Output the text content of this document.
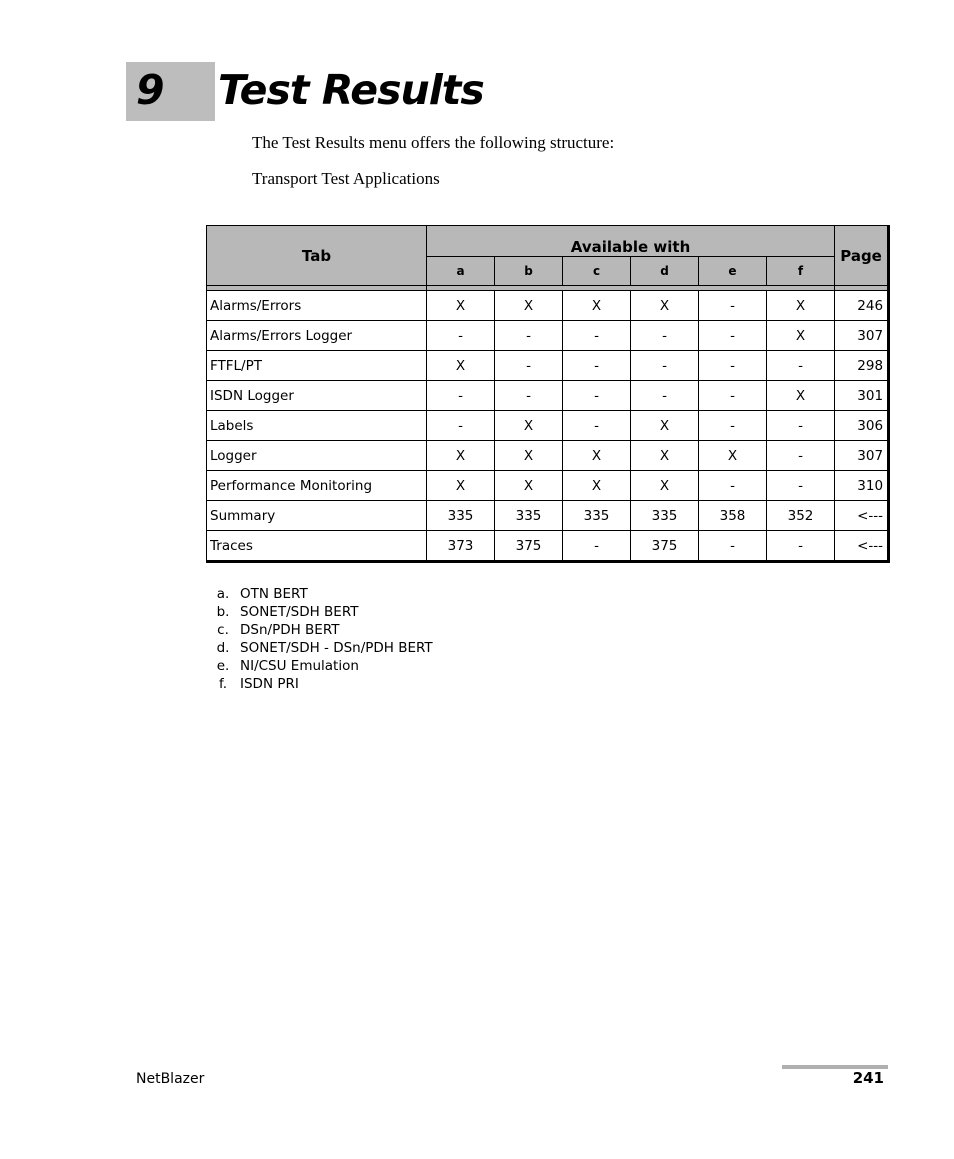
9 Test Results
The Test Results menu offers the following structure:
Transport Test Applications
Tab	Available with						Page
	a	b	c	d	e	f	

Alarms/Errors	X	X	X	X	-	X	246
Alarms/Errors Logger	-	-	-	-	-	X	307
FTFL/PT	X	-	-	-	-	-	298
ISDN Logger	-	-	-	-	-	X	301
Labels	-	X	-	X	-	-	306
Logger	X	X	X	X	X	-	307
Performance Monitoring	X	X	X	X	-	-	310
Summary	335	335	335	335	358	352	<---
Traces	373	375	-	375	-	-	<---
a. OTN BERT
b. SONET/SDH BERT
c. DSn/PDH BERT
d. SONET/SDH - DSn/PDH BERT
e. NI/CSU Emulation
f. ISDN PRI
NetBlazer	241
